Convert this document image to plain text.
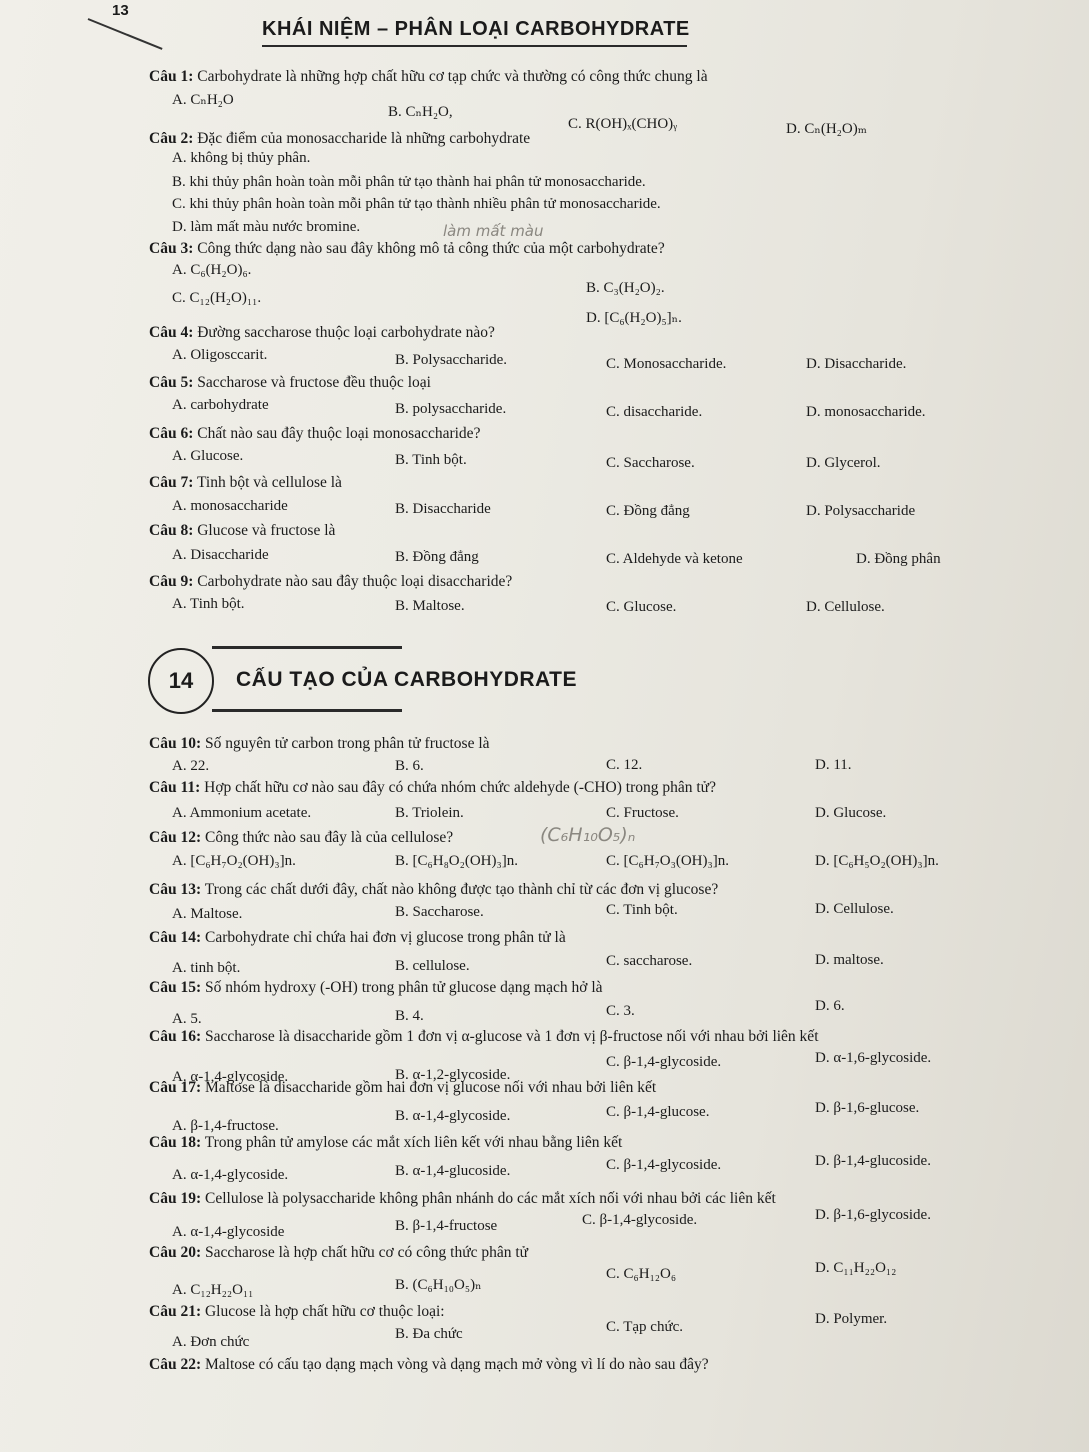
13
KHÁI NIỆM – PHÂN LOẠI CARBOHYDRATE
Câu 1: Carbohydrate là những hợp chất hữu cơ tạp chức và thường có công thức chung là
A. CₙH₂O
B. CₙH₂O,
C. R(OH)ₓ(CHO)ᵧ	D. Cₙ(H₂O)ₘ
Câu 2: Đặc điểm của monosaccharide là những carbohydrate
A. không bị thủy phân.
B. khi thủy phân hoàn toàn mỗi phân tử tạo thành hai phân tử monosaccharide.
C. khi thủy phân hoàn toàn mỗi phân tử tạo thành nhiều phân tử monosaccharide.
D. làm mất màu nước bromine.	làm mất màu
Câu 3: Công thức dạng nào sau đây không mô tả công thức của một carbohydrate?
A. C₆(H₂O)₆.
B. C₃(H₂O)₂.
C. C₁₂(H₂O)₁₁.
D. [C₆(H₂O)₅]ₙ.
Câu 4: Đường saccharose thuộc loại carbohydrate nào?
A. Oligosccarit.	B. Polysaccharide.	C. Monosaccharide.	D. Disaccharide.
Câu 5: Saccharose và fructose đều thuộc loại
A. carbohydrate	B. polysaccharide.	C. disaccharide.	D. monosaccharide.
Câu 6: Chất nào sau đây thuộc loại monosaccharide?
A. Glucose.	B. Tinh bột.	C. Saccharose.	D. Glycerol.
Câu 7: Tinh bột và cellulose là
A. monosaccharide	B. Disaccharide	C. Đồng đẳng	D. Polysaccharide
Câu 8: Glucose và fructose là
A. Disaccharide	B. Đồng đẳng	C. Aldehyde và ketone	D. Đồng phân
Câu 9: Carbohydrate nào sau đây thuộc loại disaccharide?
A. Tinh bột.	B. Maltose.	C. Glucose.	D. Cellulose.
14	CẤU TẠO CỦA CARBOHYDRATE
Câu 10: Số nguyên tử carbon trong phân tử fructose là
A. 22.	B. 6.	C. 12.	D. 11.
Câu 11: Hợp chất hữu cơ nào sau đây có chứa nhóm chức aldehyde (-CHO) trong phân tử?
A. Ammonium acetate.	B. Triolein.	C. Fructose.	D. Glucose.
Câu 12: Công thức nào sau đây là của cellulose?	(C₆H₁₀O₅)ₙ
A. [C₆H₇O₂(OH)₃]n.	B. [C₆H₈O₂(OH)₃]n.	C. [C₆H₇O₃(OH)₃]n.	D. [C₆H₅O₂(OH)₃]n.
Câu 13: Trong các chất dưới đây, chất nào không được tạo thành chỉ từ các đơn vị glucose?
A. Maltose.	B. Saccharose.	C. Tinh bột.	D. Cellulose.
Câu 14: Carbohydrate chỉ chứa hai đơn vị glucose trong phân tử là
A. tinh bột.	B. cellulose.	C. saccharose.	D. maltose.
Câu 15: Số nhóm hydroxy (-OH) trong phân tử glucose dạng mạch hở là
A. 5.	B. 4.	C. 3.	D. 6.
Câu 16: Saccharose là disaccharide gồm 1 đơn vị α-glucose và 1 đơn vị β-fructose nối với nhau bởi liên kết
A. α-1,4-glycoside.	B. α-1,2-glycoside.
C. β-1,4-glycoside.	D. α-1,6-glycoside.
Câu 17: Maltose là disaccharide gồm hai đơn vị glucose nối với nhau bởi liên kết
A. β-1,4-fructose.
B. α-1,4-glycoside.	C. β-1,4-glucose.	D. β-1,6-glucose.
Câu 18: Trong phân tử amylose các mắt xích liên kết với nhau bằng liên kết
A. α-1,4-glycoside.	B. α-1,4-glucoside.	C. β-1,4-glycoside.	D. β-1,4-glucoside.
Câu 19: Cellulose là polysaccharide không phân nhánh do các mắt xích nối với nhau bởi các liên kết
A. α-1,4-glycoside	B. β-1,4-fructose	C. β-1,4-glycoside.	D. β-1,6-glycoside.
Câu 20: Saccharose là hợp chất hữu cơ có công thức phân tử
A. C₁₂H₂₂O₁₁	B. (C₆H₁₀O₅)ₙ
C. C₆H₁₂O₆	D. C₁₁H₂₂O₁₂
Câu 21: Glucose là hợp chất hữu cơ thuộc loại:
A. Đơn chức	B. Đa chức	C. Tạp chức.	D. Polymer.
Câu 22: Maltose có cấu tạo dạng mạch vòng và dạng mạch mở vòng vì lí do nào sau đây?
